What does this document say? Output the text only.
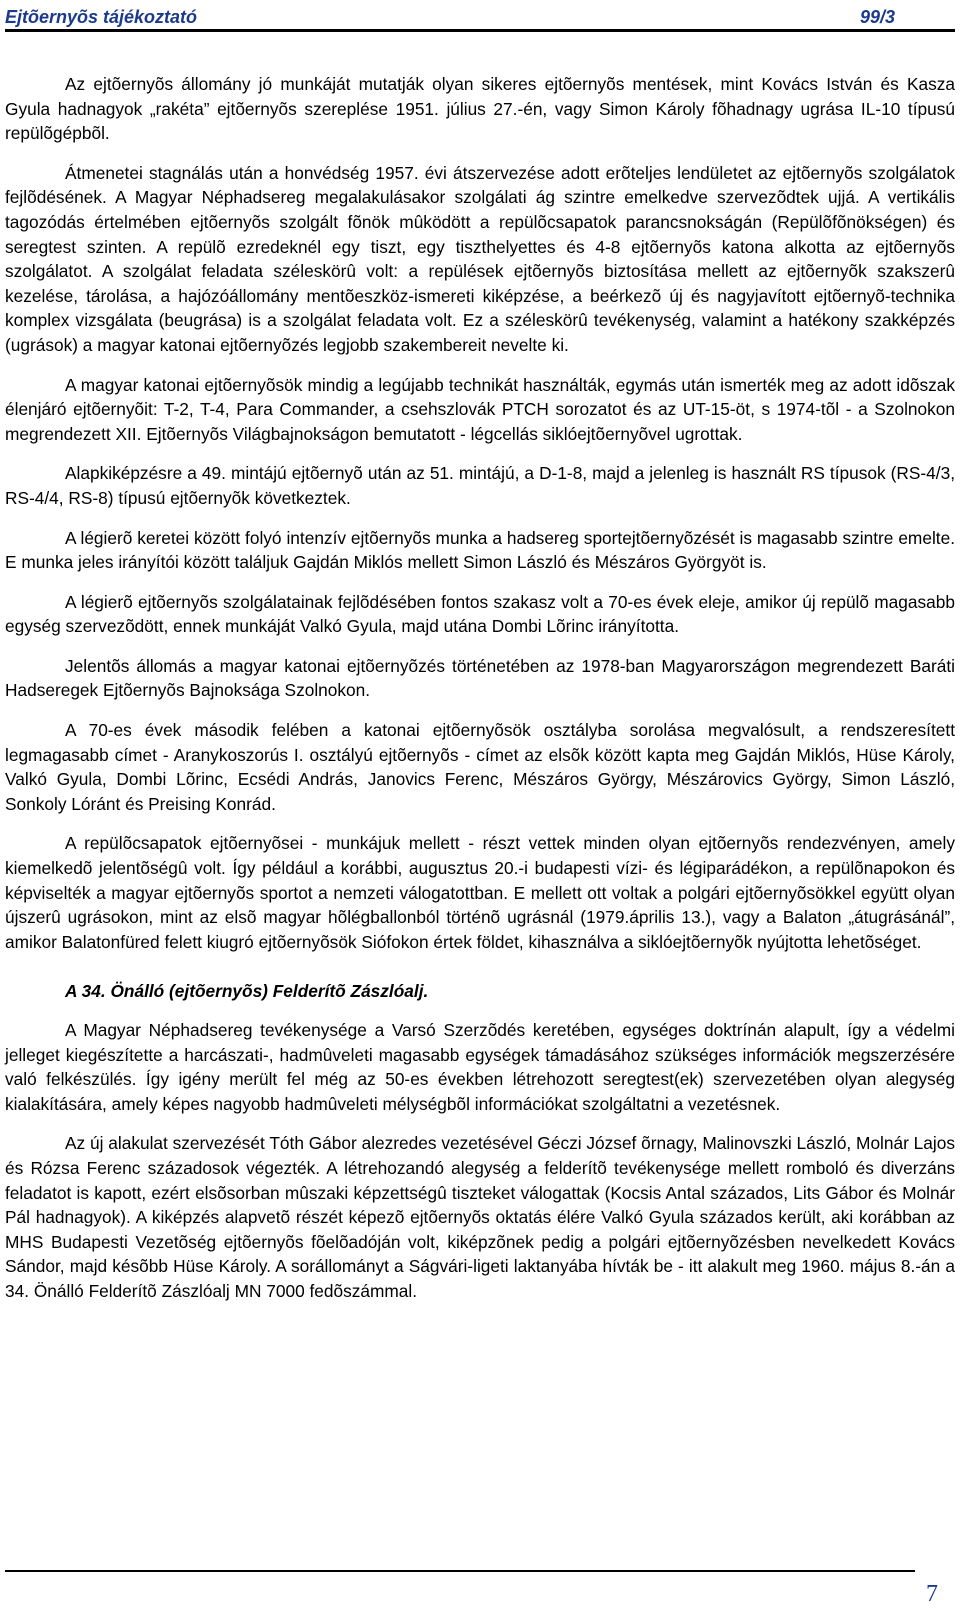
Ejtõernyõs tájékoztató	99/3

Az ejtõernyõs állomány jó munkáját mutatják olyan sikeres ejtõernyõs mentések, mint Kovács István és Kasza Gyula hadnagyok „rakéta” ejtõernyõs szereplése 1951. július 27.-én, vagy Simon Károly fõhadnagy ugrása IL-10 típusú repülõgépbõl.

Átmenetei stagnálás után a honvédség 1957. évi átszervezése adott erõteljes lendületet az ejtõernyõs szolgálatok fejlõdésének. A Magyar Néphadsereg megalakulásakor szolgálati ág szintre emelkedve szervezõdtek ujjá. A vertikális tagozódás értelmében ejtõernyõs szolgált fõnök mûködött a repülõcsapatok parancsnokságán (Repülõfõnökségen) és seregtest szinten. A repülõ ezredeknél egy tiszt, egy tiszthelyettes és 4-8 ejtõernyõs katona alkotta az ejtõernyõs szolgálatot. A szolgálat feladata széleskörû volt: a repülések ejtõernyõs biztosítása mellett az ejtõernyõk szakszerû kezelése, tárolása, a hajózóállomány mentõeszköz-ismereti kiképzése, a beérkezõ új és nagyjavított ejtõernyõ-technika komplex vizsgálata (beugrása) is a szolgálat feladata volt. Ez a széleskörû tevékenység, valamint a hatékony szakképzés (ugrások) a magyar katonai ejtõernyõzés legjobb szakembereit nevelte ki.

A magyar katonai ejtõernyõsök mindig a legújabb technikát használták, egymás után ismerték meg az adott idõszak élenjáró ejtõernyõit: T-2, T-4, Para Commander, a csehszlovák PTCH sorozatot és az UT-15-öt, s 1974-tõl - a Szolnokon megrendezett XII. Ejtõernyõs Világbajnokságon bemutatott - légcellás siklóejtõernyõvel ugrottak.

Alapkiképzésre a 49. mintájú ejtõernyõ után az 51. mintájú, a D-1-8, majd a jelenleg is használt RS típusok (RS-4/3, RS-4/4, RS-8) típusú ejtõernyõk következtek.

A légierõ keretei között folyó intenzív ejtõernyõs munka a hadsereg sportejtõernyõzését is magasabb szintre emelte. E munka jeles irányítói között találjuk Gajdán Miklós mellett Simon László és Mészáros Györgyöt is.

A légierõ ejtõernyõs szolgálatainak fejlõdésében fontos szakasz volt a 70-es évek eleje, amikor új repülõ magasabb egység szervezõdött, ennek munkáját Valkó Gyula, majd utána Dombi Lõrinc irányította.

Jelentõs állomás a magyar katonai ejtõernyõzés történetében az 1978-ban Magyarországon megrendezett Baráti Hadseregek Ejtõernyõs Bajnoksága Szolnokon.

A 70-es évek második felében a katonai ejtõernyõsök osztályba sorolása megvalósult, a rendszeresített legmagasabb címet - Aranykoszorús I. osztályú ejtõernyõs - címet az elsõk között kapta meg Gajdán Miklós, Hüse Károly, Valkó Gyula, Dombi Lõrinc, Ecsédi András, Janovics Ferenc, Mészáros György, Mészárovics György, Simon László, Sonkoly Lóránt és Preising Konrád.

A repülõcsapatok ejtõernyõsei - munkájuk mellett - részt vettek minden olyan ejtõernyõs rendezvényen, amely kiemelkedõ jelentõségû volt. Így például a korábbi, augusztus 20.-i budapesti vízi- és légiparádékon, a repülõnapokon és képviselték a magyar ejtõernyõs sportot a nemzeti válogatottban. E mellett ott voltak a polgári ejtõernyõsökkel együtt olyan újszerû ugrásokon, mint az elsõ magyar hõlégballonból történõ ugrásnál (1979.április 13.), vagy a Balaton „átugrásánál”, amikor Balatonfüred felett kiugró ejtõernyõsök Siófokon értek földet, kihasználva a siklóejtõernyõk nyújtotta lehetõséget.

A 34. Önálló (ejtõernyõs) Felderítõ Zászlóalj.

A Magyar Néphadsereg tevékenysége a Varsó Szerzõdés keretében, egységes doktrínán alapult, így a védelmi jelleget kiegészítette a harcászati-, hadmûveleti magasabb egységek támadásához szükséges információk megszerzésére való felkészülés. Így igény merült fel még az 50-es években létrehozott seregtest(ek) szervezetében olyan alegység kialakítására, amely képes nagyobb hadmûveleti mélységbõl információkat szolgáltatni a vezetésnek.

Az új alakulat szervezését Tóth Gábor alezredes vezetésével Géczi József õrnagy, Malinovszki László, Molnár Lajos és Rózsa Ferenc századosok végezték. A létrehozandó alegység a felderítõ tevékenysége mellett romboló és diverzáns feladatot is kapott, ezért elsõsorban mûszaki képzettségû tiszteket válogattak (Kocsis Antal százados, Lits Gábor és Molnár Pál hadnagyok). A kiképzés alapvetõ részét képezõ ejtõernyõs oktatás élére Valkó Gyula százados került, aki korábban az MHS Budapesti Vezetõség ejtõernyõs fõelõadóján volt, kiképzõnek pedig a polgári ejtõernyõzésben nevelkedett Kovács Sándor, majd késõbb Hüse Károly. A sorállományt a Ságvári-ligeti laktanyába hívták be - itt alakult meg 1960. május 8.-án a 34. Önálló Felderítõ Zászlóalj MN 7000 fedõszámmal.

7
